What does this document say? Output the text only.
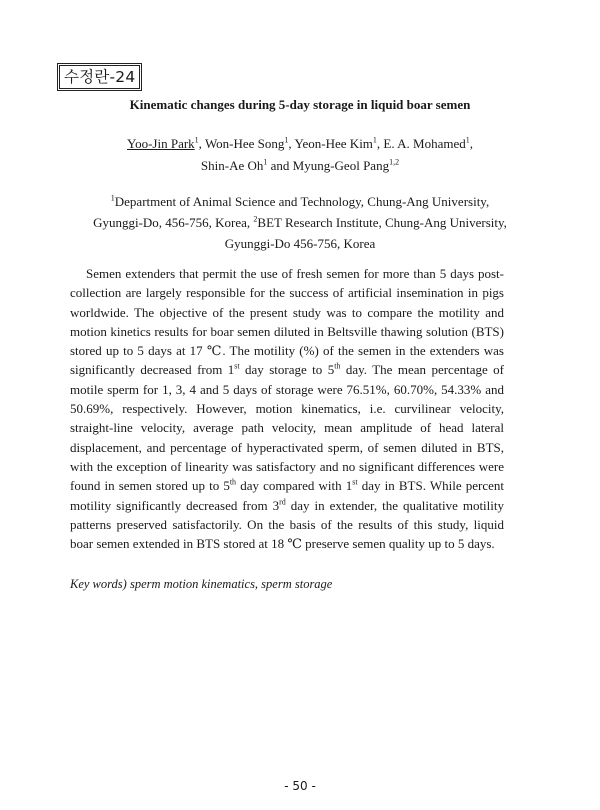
수정란-24
Kinematic changes during 5-day storage in liquid boar semen
Yoo-Jin Park$^1$, Won-Hee Song$^1$, Yeon-Hee Kim$^1$, E. A. Mohamed$^1$,
Shin-Ae Oh$^1$ and Myung-Geol Pang$^{1,2}$
$^1$Department of Animal Science and Technology, Chung-Ang University,
Gyunggi-Do, 456-756, Korea, $^2$BET Research Institute, Chung-Ang University,
Gyunggi-Do 456-756, Korea

Semen extenders that permit the use of fresh semen for more than 5 days post-collection are largely responsible for the success of artificial insemination in pigs worldwide. The objective of the present study was to compare the motility and motion kinetics results for boar semen diluted in Beltsville thawing solution (BTS) stored up to 5 days at 17 ℃. The motility (%) of the semen in the extenders was significantly decreased from 1st day storage to 5th day. The mean percentage of motile sperm for 1, 3, 4 and 5 days of storage were 76.51%, 60.70%, 54.33% and 50.69%, respectively. However, motion kinematics, i.e. curvilinear velocity, straight-line velocity, average path velocity, mean amplitude of head lateral displacement, and percentage of hyperactivated sperm, of semen diluted in BTS, with the exception of linearity was satisfactory and no significant differences were found in semen stored up to 5th day compared with 1st day in BTS. While percent motility significantly decreased from 3rd day in extender, the qualitative motility patterns preserved satisfactorily. On the basis of the results of this study, liquid boar semen extended in BTS stored at 18 ℃ preserve semen quality up to 5 days.

Key words) sperm motion kinematics, sperm storage
- 50 -
